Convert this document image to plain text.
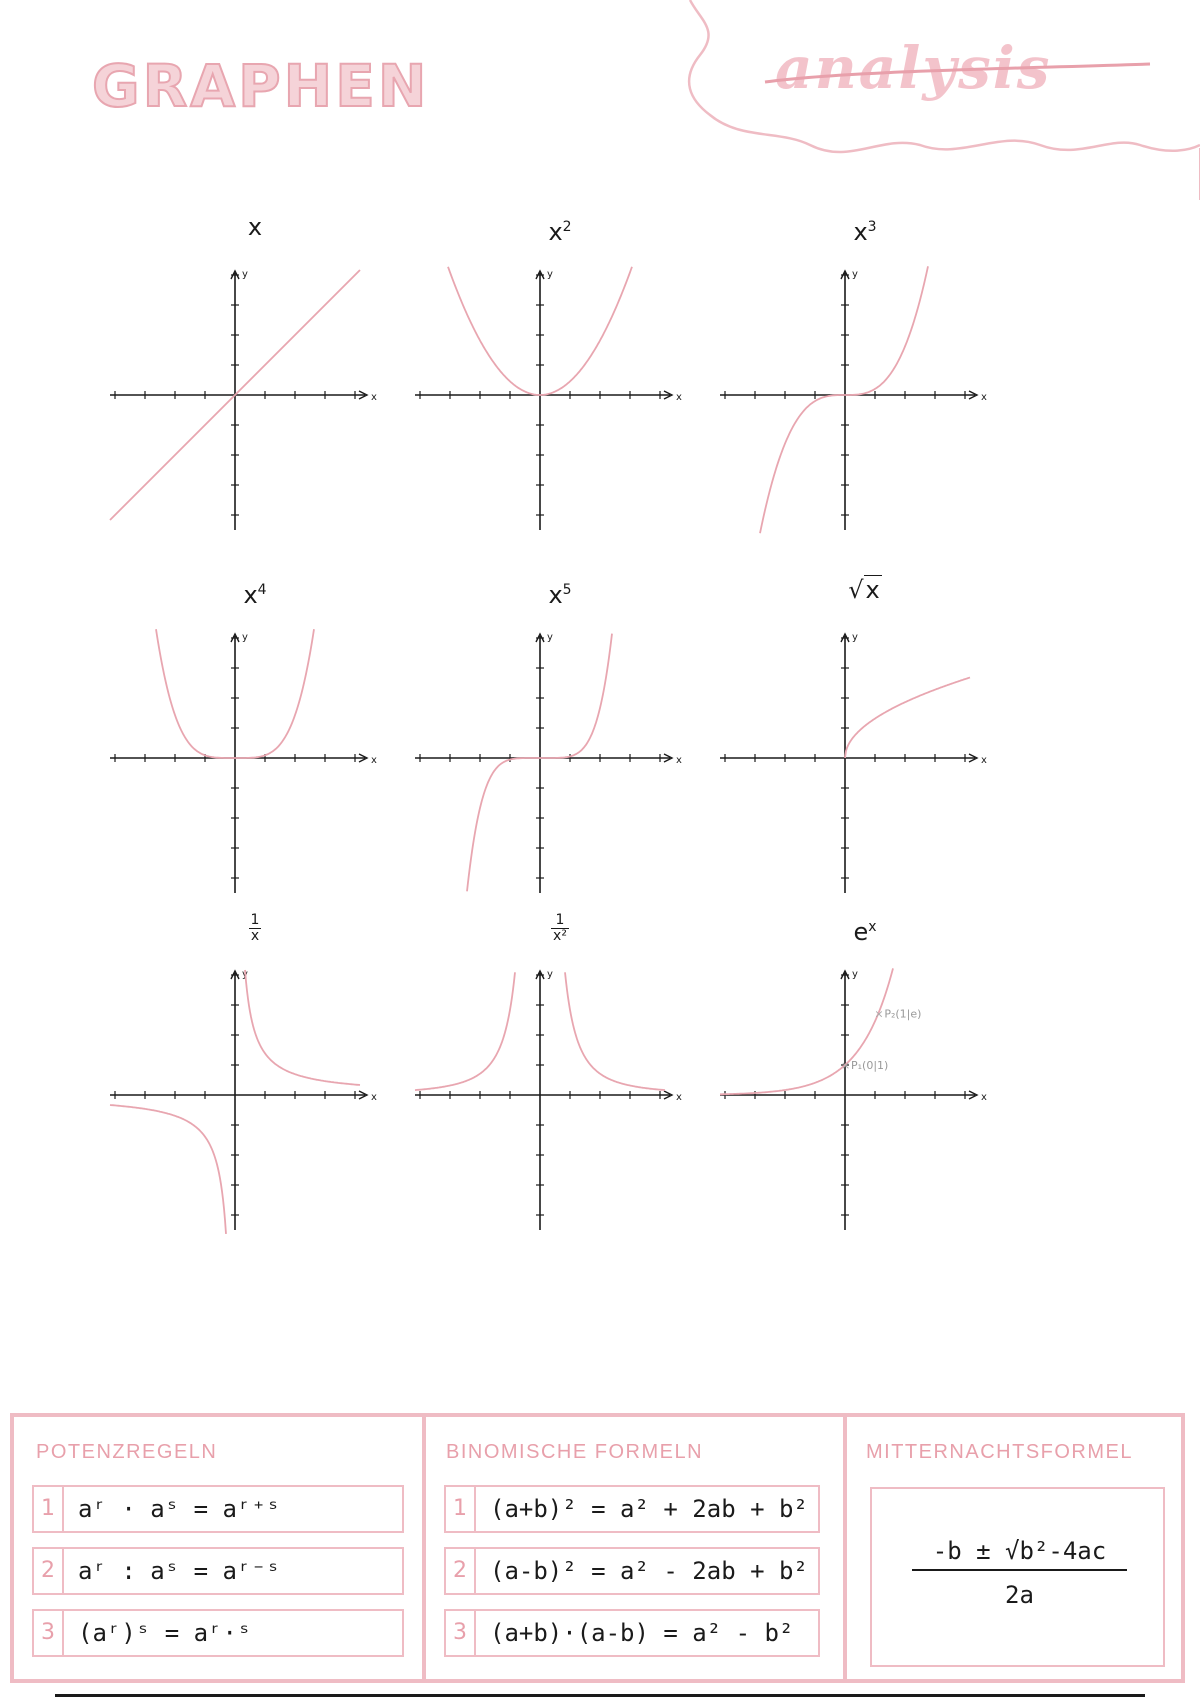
GRAPHEN	analysis
x
x
y
$x^2$
x
y
$x^3$
x
y
$x^4$
x
y
$x^5$
x
y
√x
x
y
$\frac{1}{x}$
x
y
$\frac{1}{\text{x²}}$
x
y
$e^x$
x
y
× P₂(1|e)
× P₁(0|1)
POTENZREGELN
1 aʳ · aˢ = aʳ⁺ˢ
2 aʳ : aˢ = aʳ⁻ˢ
3 (aʳ)ˢ = aʳ·ˢ
BINOMISCHE FORMELN
1 (a+b)² = a² + 2ab + b²
2 (a-b)² = a² - 2ab + b²
3 (a+b)·(a-b) = a² - b²
MITTERNACHTSFORMEL
$\frac{\text{-b ± √b²-4ac}}{2a}$
